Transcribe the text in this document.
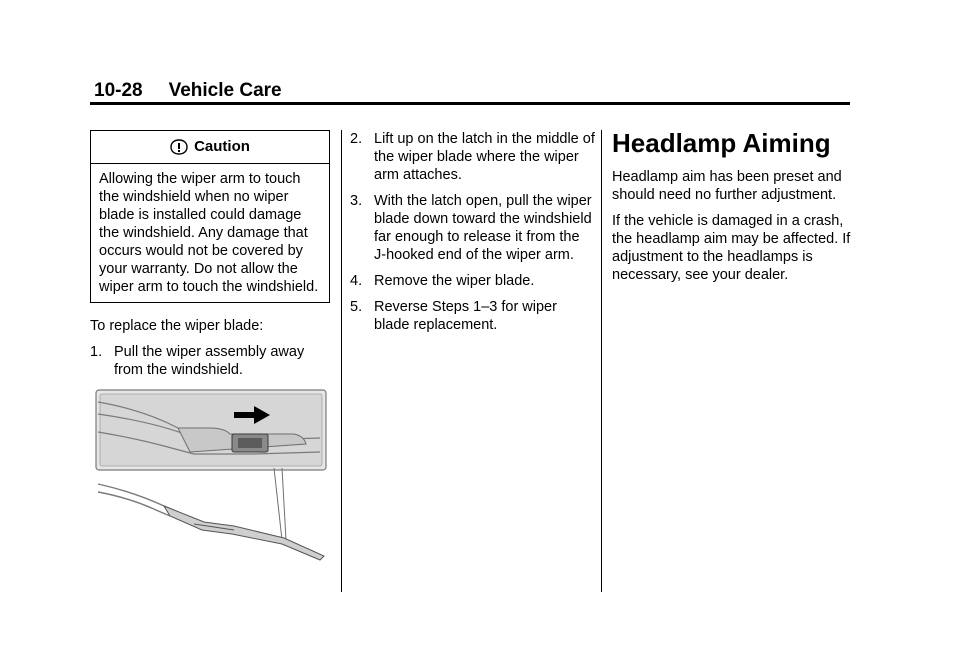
10-28 Vehicle Care
Caution
Allowing the wiper arm to touch the windshield when no wiper blade is installed could damage the windshield. Any damage that occurs would not be covered by your warranty. Do not allow the wiper arm to touch the windshield.

To replace the wiper blade:

1. Pull the wiper assembly away from the windshield.
2. Lift up on the latch in the middle of the wiper blade where the wiper arm attaches.
3. With the latch open, pull the wiper blade down toward the windshield far enough to release it from the J-hooked end of the wiper arm.
4. Remove the wiper blade.
5. Reverse Steps 1–3 for wiper blade replacement.
Headlamp Aiming

Headlamp aim has been preset and should need no further adjustment.

If the vehicle is damaged in a crash, the headlamp aim may be affected. If adjustment to the headlamps is necessary, see your dealer.
